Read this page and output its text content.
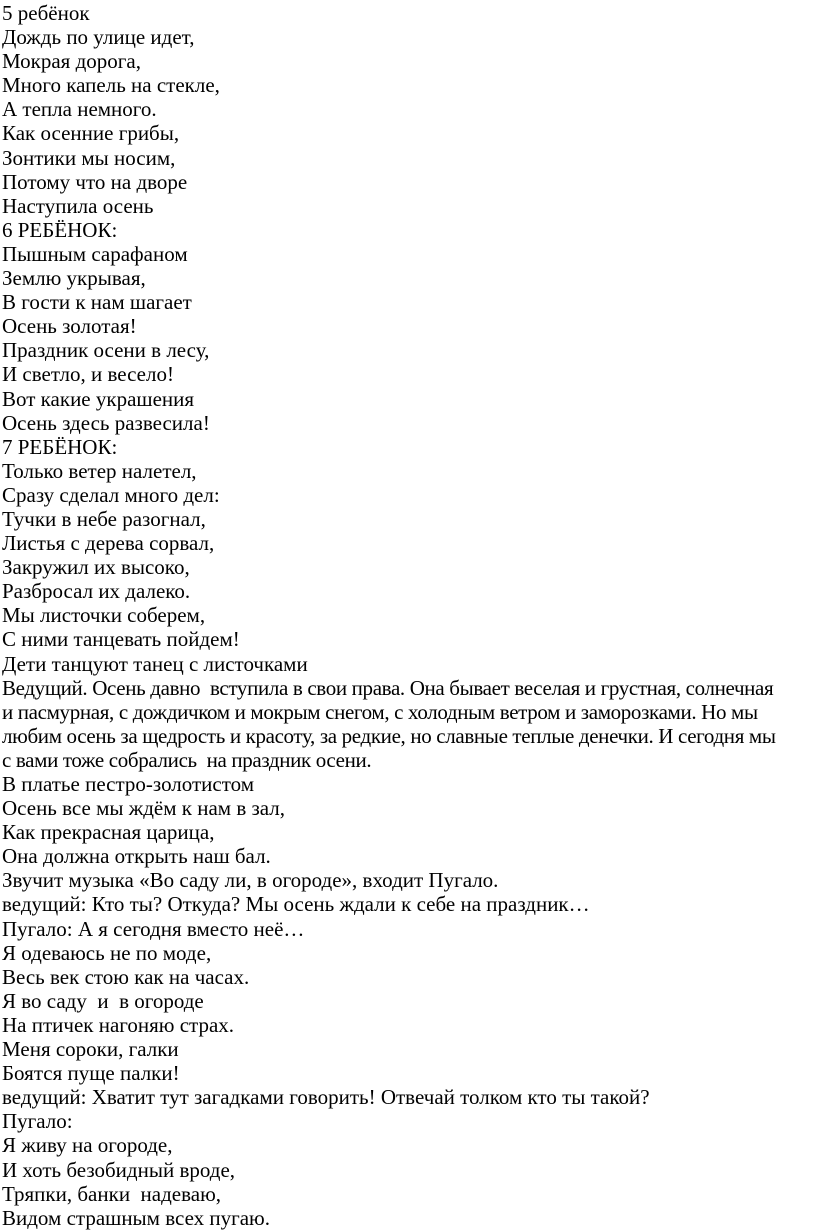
5 ребёнок
Дождь по улице идет,
Мокрая дорога,
Много капель на стекле,
А тепла немного.
Как осенние грибы,
Зонтики мы носим,
Потому что на дворе
Наступила осень
6 РЕБЁНОК:
Пышным сарафаном
Землю укрывая,
В гости к нам шагает
Осень золотая!
Праздник осени в лесу,
И светло, и весело!
Вот какие украшения
Осень здесь развесила!
7 РЕБЁНОК:
Только ветер налетел,
Сразу сделал много дел:
Тучки в небе разогнал,
Листья с дерева сорвал,
Закружил их высоко,
Разбросал их далеко.
Мы листочки соберем,
С ними танцевать пойдем!
Дети танцуют танец с листочками
Ведущий. Осень давно  вступила в свои права. Она бывает веселая и грустная, солнечная
и пасмурная, с дождичком и мокрым снегом, с холодным ветром и заморозками. Но мы
любим осень за щедрость и красоту, за редкие, но славные теплые денечки. И сегодня мы
с вами тоже собрались  на праздник осени.
В платье пестро-золотистом
Осень все мы ждём к нам в зал,
Как прекрасная царица,
Она должна открыть наш бал.
Звучит музыка «Во саду ли, в огороде», входит Пугало.
ведущий: Кто ты? Откуда? Мы осень ждали к себе на праздник…
Пугало: А я сегодня вместо неё…
Я одеваюсь не по моде,
Весь век стою как на часах.
Я во саду  и  в огороде
На птичек нагоняю страх.
Меня сороки, галки
Боятся пуще палки!
ведущий: Хватит тут загадками говорить! Отвечай толком кто ты такой?
Пугало:
Я живу на огороде,
И хоть безобидный вроде,
Тряпки, банки  надеваю,
Видом страшным всех пугаю.
